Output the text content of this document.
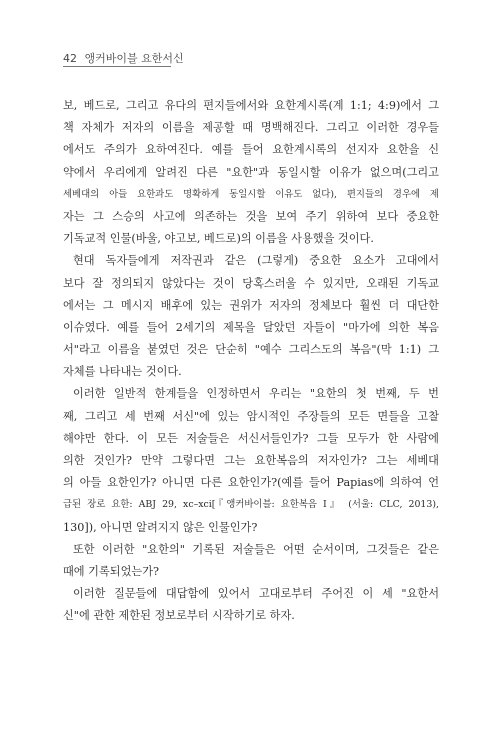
42 앵커바이블 요한서신
보, 베드로, 그리고 유다의 편지들에서와 요한계시록(계 1:1; 4:9)에서 그
책 자체가 저자의 이름을 제공할 때 명백해진다. 그리고 이러한 경우들
에서도 주의가 요하여진다. 예를 들어 요한계시록의 선지자 요한을 신
약에서 우리에게 알려진 다른 "요한"과 동일시할 이유가 없으며(그리고
세베대의 아들 요한과도 명확하게 동일시할 이유도 없다), 편지들의 경우에 제
자는 그 스승의 사고에 의존하는 것을 보여 주기 위하여 보다 중요한
기독교적 인물(바울, 야고보, 베드로)의 이름을 사용했을 것이다.
현대 독자들에게 저작권과 같은 (그렇게) 중요한 요소가 고대에서
보다 잘 정의되지 않았다는 것이 당혹스러울 수 있지만, 오래된 기독교
에서는 그 메시지 배후에 있는 권위가 저자의 정체보다 훨씬 더 대단한
이슈였다. 예를 들어 2세기의 제목을 달았던 자들이 "마가에 의한 복음
서"라고 이름을 붙였던 것은 단순히 "예수 그리스도의 복음"(막 1:1) 그
자체를 나타내는 것이다.
이러한 일반적 한계들을 인정하면서 우리는 "요한의 첫 번째, 두 번
째, 그리고 세 번째 서신"에 있는 암시적인 주장들의 모든 면들을 고찰
해야만 한다. 이 모든 저술들은 서신서들인가? 그들 모두가 한 사람에
의한 것인가? 만약 그렇다면 그는 요한복음의 저자인가? 그는 세베대
의 아들 요한인가? 아니면 다른 요한인가?(예를 들어 Papias에 의하여 언
급된 장로 요한: ABJ 29, xc–xci[『앵커바이블: 요한복음 Ⅰ』 (서울: CLC, 2013),
130]), 아니면 알려지지 않은 인물인가?
또한 이러한 "요한의" 기록된 저술들은 어떤 순서이며, 그것들은 같은
때에 기록되었는가?
이러한 질문들에 대답함에 있어서 고대로부터 주어진 이 세 "요한서
신"에 관한 제한된 정보로부터 시작하기로 하자.
